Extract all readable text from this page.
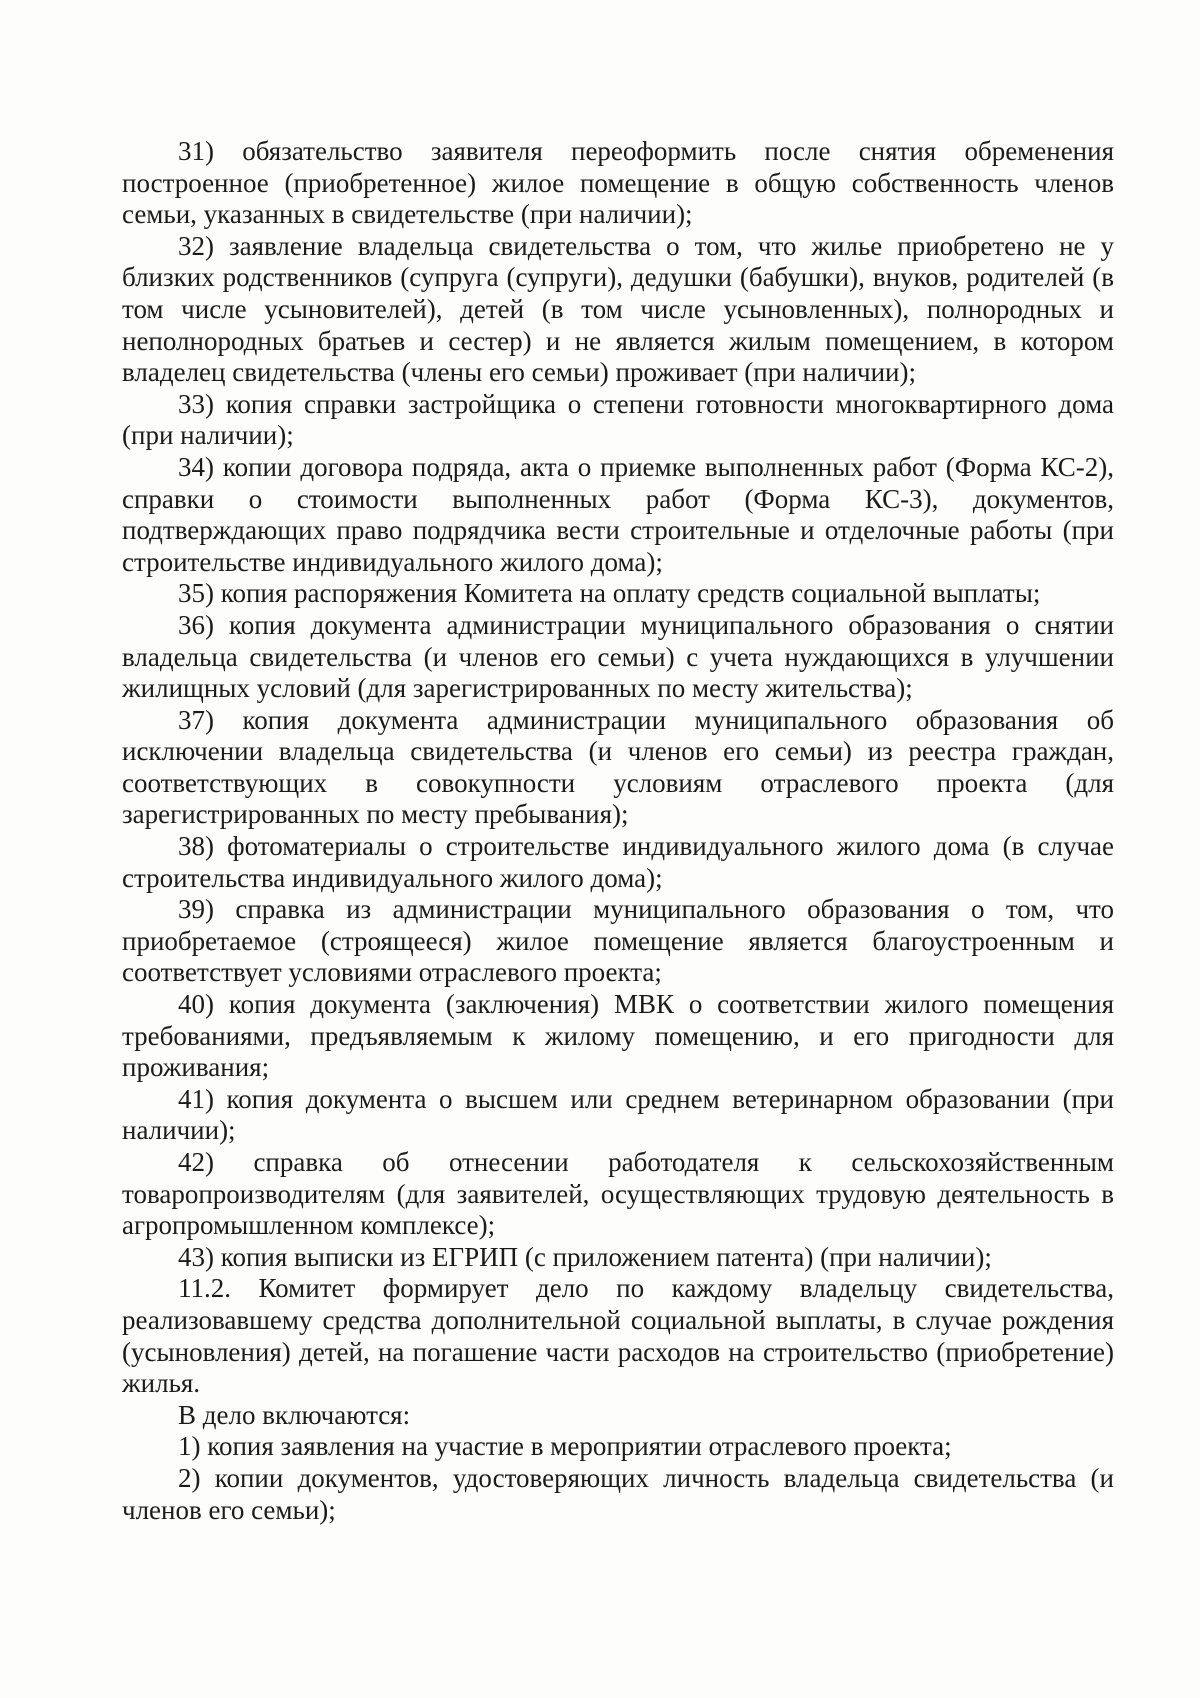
31) обязательство заявителя переоформить после снятия обременения построенное (приобретенное) жилое помещение в общую собственность членов семьи, указанных в свидетельстве (при наличии);

32) заявление владельца свидетельства о том, что жилье приобретено не у близких родственников (супруга (супруги), дедушки (бабушки), внуков, родителей (в том числе усыновителей), детей (в том числе усыновленных), полнородных и неполнородных братьев и сестер) и не является жилым помещением, в котором владелец свидетельства (члены его семьи) проживает (при наличии);

33) копия справки застройщика о степени готовности многоквартирного дома (при наличии);

34) копии договора подряда, акта о приемке выполненных работ (Форма КС-2), справки о стоимости выполненных работ (Форма КС-3), документов, подтверждающих право подрядчика вести строительные и отделочные работы (при строительстве индивидуального жилого дома);

35) копия распоряжения Комитета на оплату средств социальной выплаты;

36) копия документа администрации муниципального образования о снятии владельца свидетельства (и членов его семьи) с учета нуждающихся в улучшении жилищных условий (для зарегистрированных по месту жительства);

37) копия документа администрации муниципального образования об исключении владельца свидетельства (и членов его семьи) из реестра граждан, соответствующих в совокупности условиям отраслевого проекта (для зарегистрированных по месту пребывания);

38) фотоматериалы о строительстве индивидуального жилого дома (в случае строительства индивидуального жилого дома);

39) справка из администрации муниципального образования о том, что приобретаемое (строящееся) жилое помещение является благоустроенным и соответствует условиями отраслевого проекта;

40) копия документа (заключения) МВК о соответствии жилого помещения требованиями, предъявляемым к жилому помещению, и его пригодности для проживания;

41) копия документа о высшем или среднем ветеринарном образовании (при наличии);

42) справка об отнесении работодателя к сельскохозяйственным товаропроизводителям (для заявителей, осуществляющих трудовую деятельность в агропромышленном комплексе);

43) копия выписки из ЕГРИП (с приложением патента) (при наличии);

11.2. Комитет формирует дело по каждому владельцу свидетельства, реализовавшему средства дополнительной социальной выплаты, в случае рождения (усыновления) детей, на погашение части расходов на строительство (приобретение) жилья.

В дело включаются:

1) копия заявления на участие в мероприятии отраслевого проекта;

2) копии документов, удостоверяющих личность владельца свидетельства (и членов его семьи);
